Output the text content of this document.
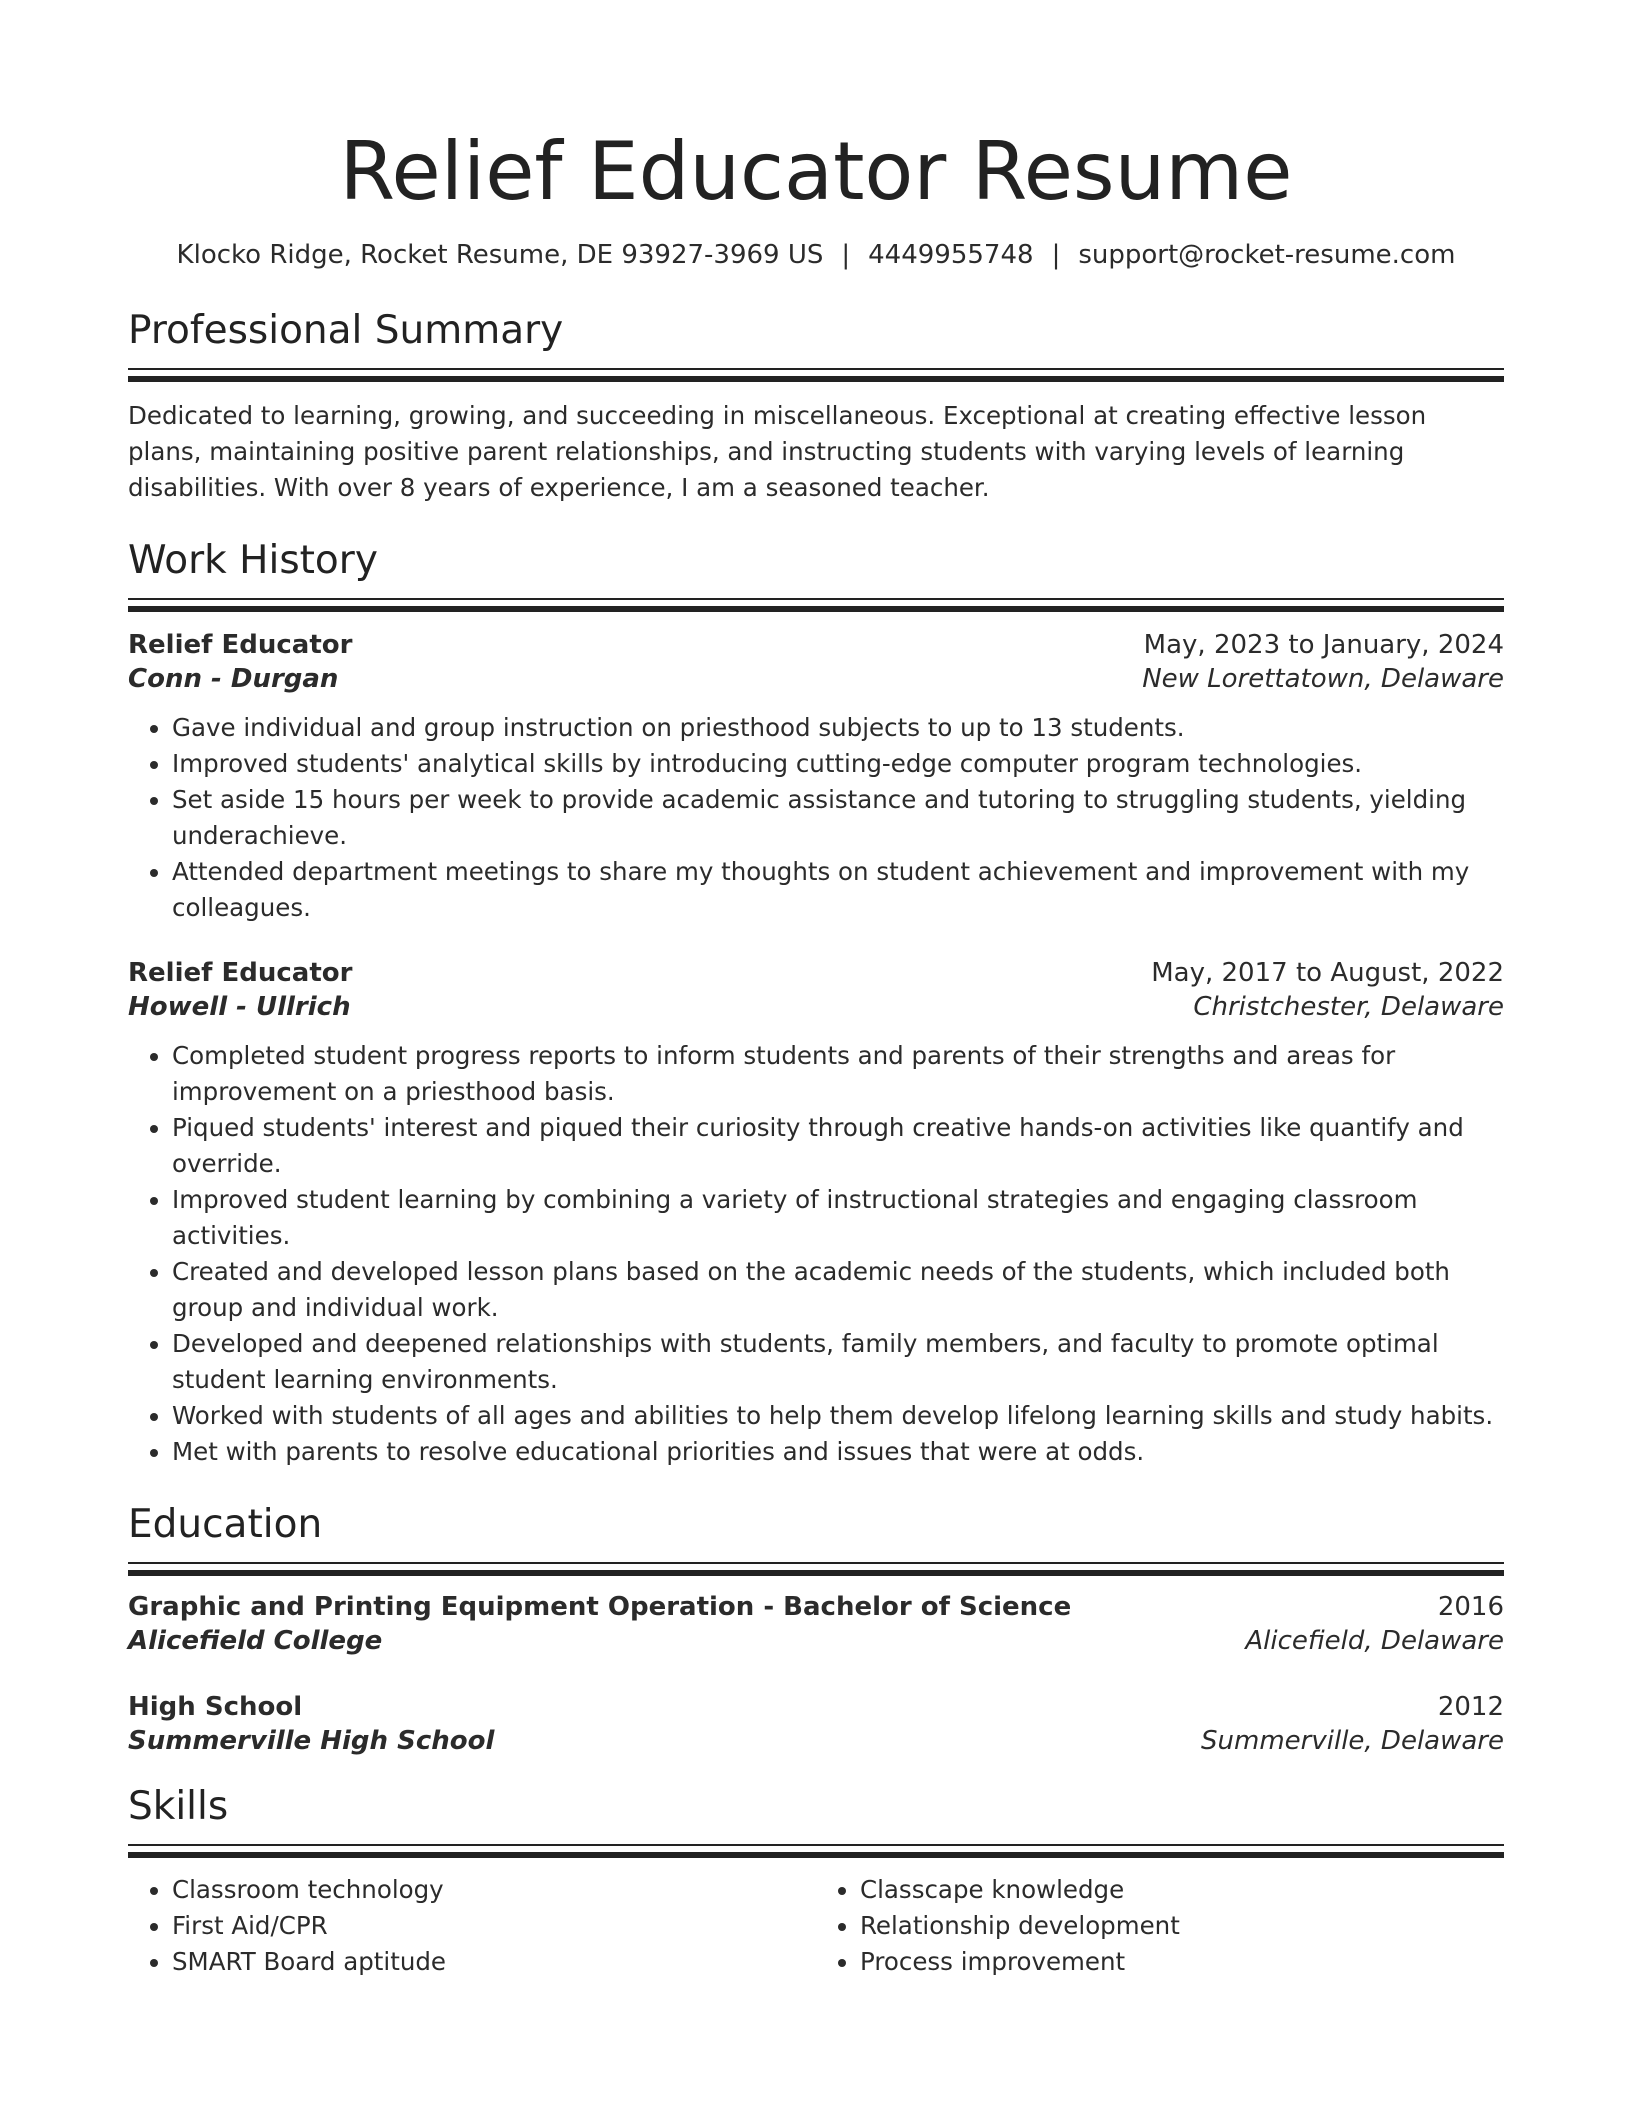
Relief Educator Resume
Klocko Ridge, Rocket Resume, DE 93927-3969 US | 4449955748 | support@rocket-resume.com
Professional Summary
Dedicated to learning, growing, and succeeding in miscellaneous. Exceptional at creating effective lesson plans, maintaining positive parent relationships, and instructing students with varying levels of learning disabilities. With over 8 years of experience, I am a seasoned teacher.
Work History
Relief Educator	May, 2023 to January, 2024
Conn - Durgan	New Lorettatown, Delaware
• Gave individual and group instruction on priesthood subjects to up to 13 students.
• Improved students' analytical skills by introducing cutting-edge computer program technologies.
• Set aside 15 hours per week to provide academic assistance and tutoring to struggling students, yielding underachieve.
• Attended department meetings to share my thoughts on student achievement and improvement with my colleagues.
Relief Educator	May, 2017 to August, 2022
Howell - Ullrich	Christchester, Delaware
• Completed student progress reports to inform students and parents of their strengths and areas for improvement on a priesthood basis.
• Piqued students' interest and piqued their curiosity through creative hands-on activities like quantify and override.
• Improved student learning by combining a variety of instructional strategies and engaging classroom activities.
• Created and developed lesson plans based on the academic needs of the students, which included both group and individual work.
• Developed and deepened relationships with students, family members, and faculty to promote optimal student learning environments.
• Worked with students of all ages and abilities to help them develop lifelong learning skills and study habits.
• Met with parents to resolve educational priorities and issues that were at odds.
Education
Graphic and Printing Equipment Operation - Bachelor of Science	2016
Alicefield College	Alicefield, Delaware
High School	2012
Summerville High School	Summerville, Delaware
Skills
• Classroom technology
• First Aid/CPR
• SMART Board aptitude
• Classcape knowledge
• Relationship development
• Process improvement
